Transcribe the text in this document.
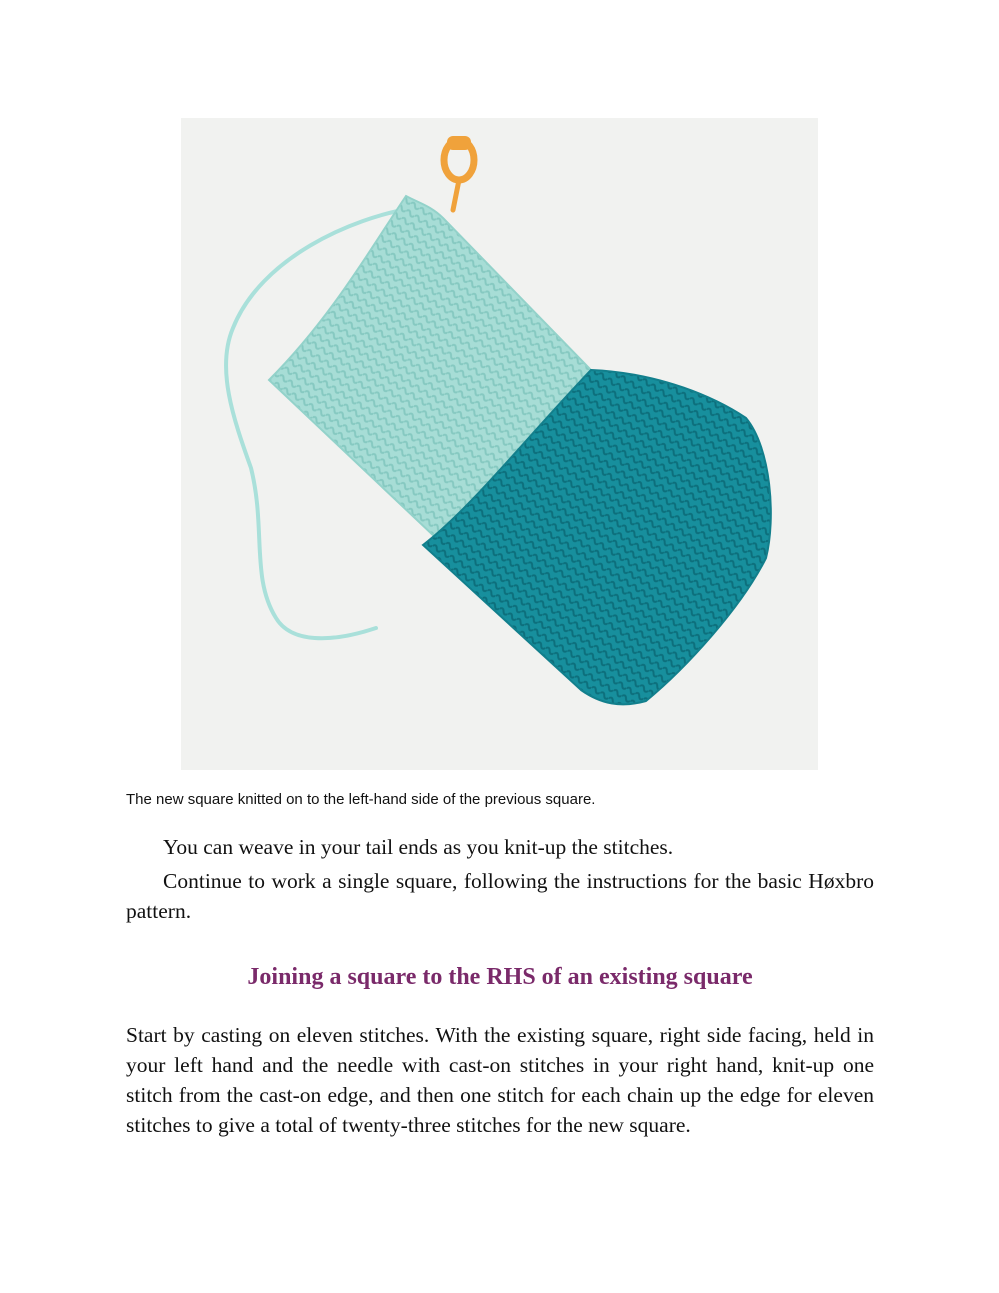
The new square knitted on to the left-hand side of the previous square.

You can weave in your tail ends as you knit-up the stitches.

Continue to work a single square, following the instructions for the basic Høxbro pattern.

Joining a square to the RHS of an existing square

Start by casting on eleven stitches. With the existing square, right side facing, held in your left hand and the needle with cast-on stitches in your right hand, knit-up one stitch from the cast-on edge, and then one stitch for each chain up the edge for eleven stitches to give a total of twenty-three stitches for the new square.
